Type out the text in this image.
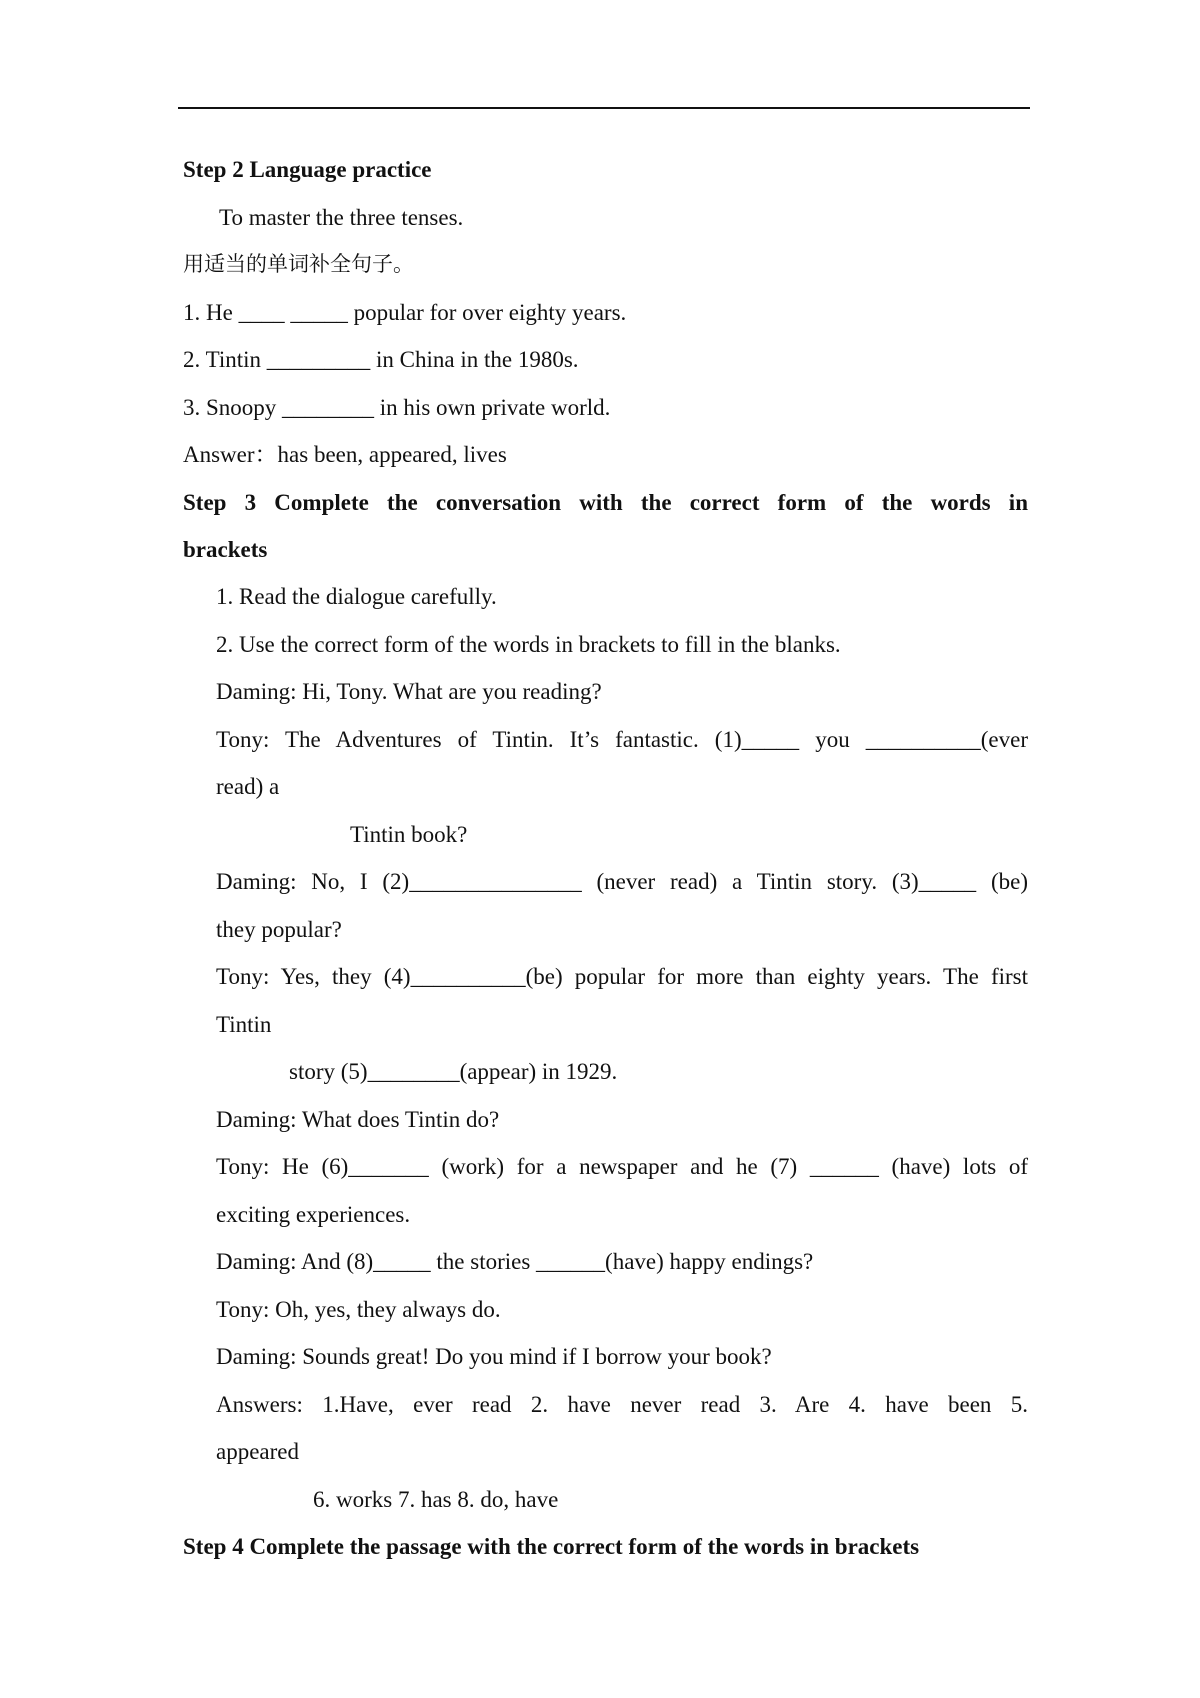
Step 2 Language practice
To master the three tenses.
用适当的单词补全句子。
1. He ____ _____ popular for over eighty years.
2. Tintin _________ in China in the 1980s.
3. Snoopy ________ in his own private world.
Answer：has been, appeared, lives
Step 3 Complete the conversation with the correct form of the words in
brackets
1. Read the dialogue carefully.
2. Use the correct form of the words in brackets to fill in the blanks.
Daming: Hi, Tony. What are you reading?
Tony: The Adventures of Tintin. It’s fantastic. (1)_____ you __________(ever
read) a
Tintin book?
Daming: No, I (2)_______________ (never read) a Tintin story. (3)_____ (be)
they popular?
Tony: Yes, they (4)__________(be) popular for more than eighty years. The first
Tintin
story (5)________(appear) in 1929.
Daming: What does Tintin do?
Tony: He (6)_______ (work) for a newspaper and he (7) ______ (have) lots of
exciting experiences.
Daming: And (8)_____ the stories ______(have) happy endings?
Tony: Oh, yes, they always do.
Daming: Sounds great! Do you mind if I borrow your book?
Answers: 1.Have, ever read 2. have never read 3. Are 4. have been 5.
appeared
6. works 7. has 8. do, have
Step 4 Complete the passage with the correct form of the words in brackets
